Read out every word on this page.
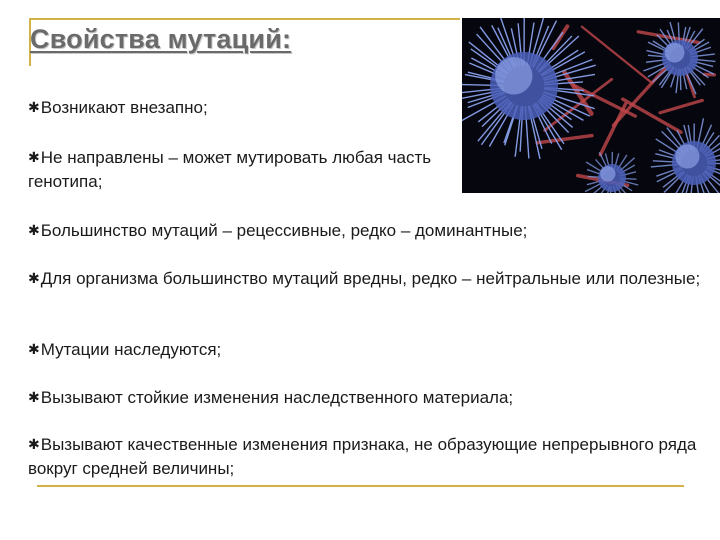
Свойства мутаций:
✱Возникают внезапно;
✱Не направлены – может мутировать любая часть генотипа;
✱Большинство мутаций – рецессивные, редко – доминантные;
✱Для организма большинство мутаций вредны, редко – нейтральные или полезные;
✱Мутации наследуются;
✱Вызывают стойкие изменения наследственного материала;
✱Вызывают качественные изменения признака, не образующие непрерывного ряда вокруг средней величины;
